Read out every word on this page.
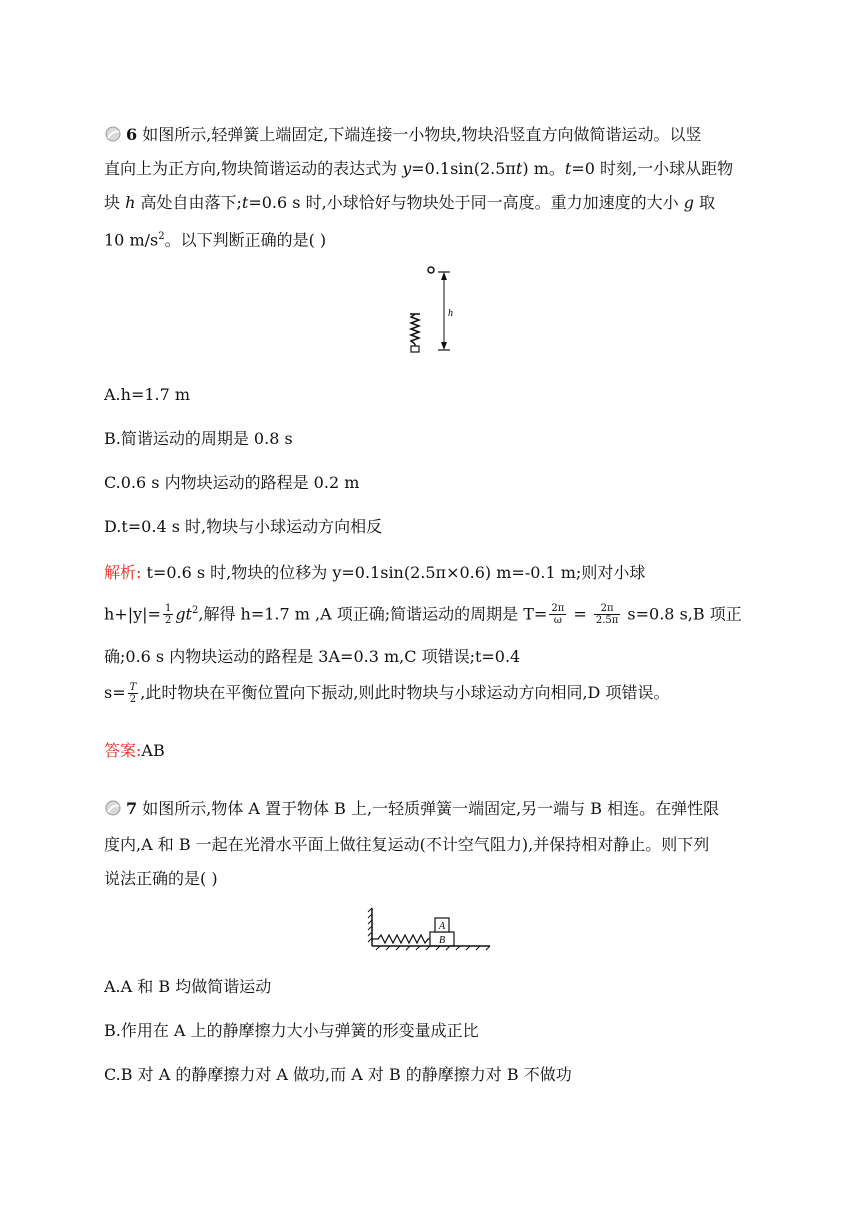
6 如图所示,轻弹簧上端固定,下端连接一小物块,物块沿竖直方向做简谐运动。以竖
直向上为正方向,物块简谐运动的表达式为 y=0.1sin(2.5πt) m。t=0 时刻,一小球从距物
块 h 高处自由落下;t=0.6 s 时,小球恰好与物块处于同一高度。重力加速度的大小 g 取
10 $m/s^2$。以下判断正确的是( )
h
A.h=1.7 m
B.简谐运动的周期是 0.8 s
C.0.6 s 内物块运动的路程是 0.2 m
D.t=0.4 s 时,物块与小球运动方向相反
解析: t=0.6 s 时,物块的位移为 y=0.1sin(2.5π×0.6) m=-0.1 m;则对小球
$h+|y|= \frac{1}{2} gt^2$,解得 h=1.7 m ,A 项正确;简谐运动的周期是 $T= \frac{2\pi}{\omega} = \frac{2\pi}{2.5\pi} s=0.8$ s,B 项正
确;0.6 s 内物块运动的路程是 3A=0.3 m,C 项错误;t=0.4
$s= \frac{T}{2}$ ,此时物块在平衡位置向下振动,则此时物块与小球运动方向相同,D 项错误。
答案:AB
7 如图所示,物体 A 置于物体 B 上,一轻质弹簧一端固定,另一端与 B 相连。在弹性限
度内,A 和 B 一起在光滑水平面上做往复运动(不计空气阻力),并保持相对静止。则下列
说法正确的是( )
A
B
A.A 和 B 均做简谐运动
B.作用在 A 上的静摩擦力大小与弹簧的形变量成正比
C.B 对 A 的静摩擦力对 A 做功,而 A 对 B 的静摩擦力对 B 不做功
